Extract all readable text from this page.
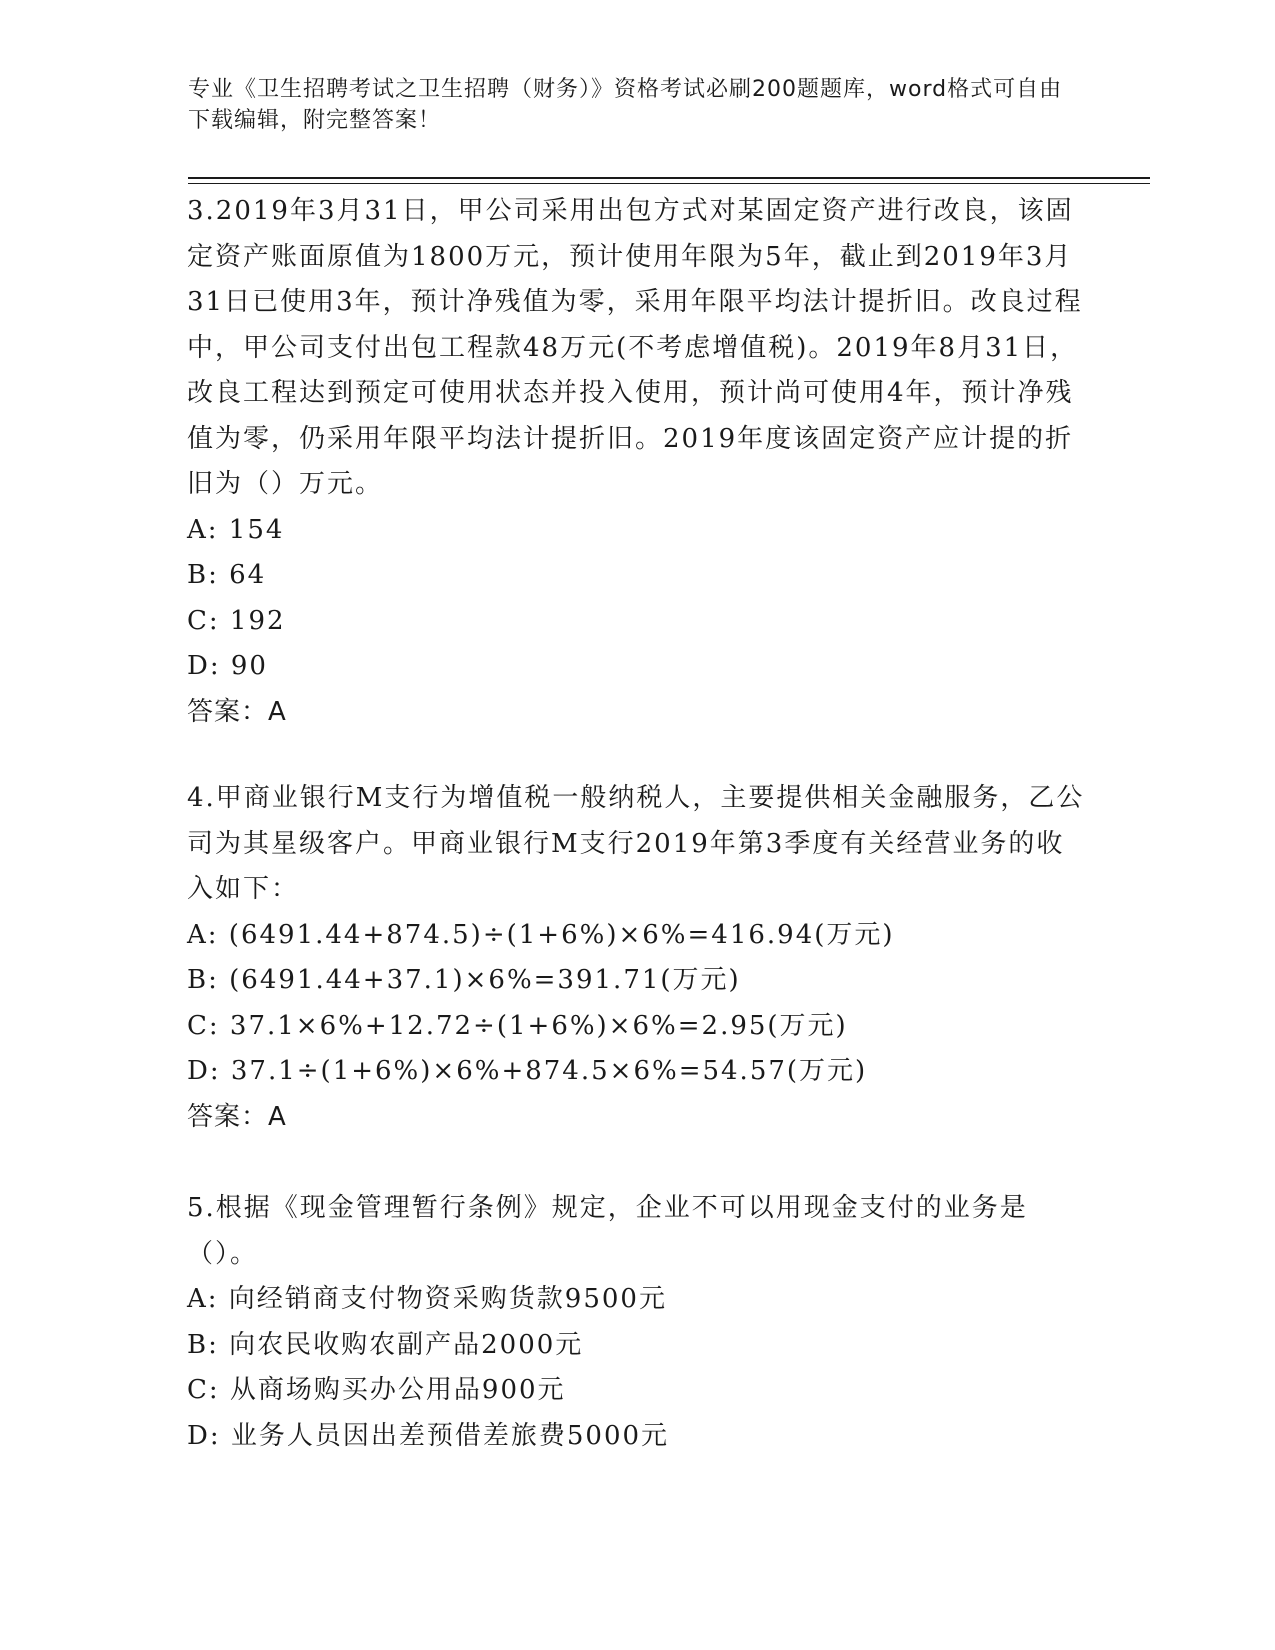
专业《卫生招聘考试之卫生招聘（财务）》资格考试必刷200题题库，word格式可自由下载编辑，附完整答案！

3.2019年3月31日，甲公司采用出包方式对某固定资产进行改良，该固定资产账面原值为1800万元，预计使用年限为5年，截止到2019年3月31日已使用3年，预计净残值为零，采用年限平均法计提折旧。改良过程中，甲公司支付出包工程款48万元(不考虑增值税)。2019年8月31日，改良工程达到预定可使用状态并投入使用，预计尚可使用4年，预计净残值为零，仍采用年限平均法计提折旧。2019年度该固定资产应计提的折旧为（）万元。

A: 154

B: 64

C: 192

D: 90

答案：A

4.甲商业银行M支行为增值税一般纳税人，主要提供相关金融服务，乙公司为其星级客户。甲商业银行M支行2019年第3季度有关经营业务的收入如下：

A: (6491.44+874.5)÷(1+6%)×6%=416.94(万元)

B: (6491.44+37.1)×6%=391.71(万元)

C: 37.1×6%+12.72÷(1+6%)×6%=2.95(万元)

D: 37.1÷(1+6%)×6%+874.5×6%=54.57(万元)

答案：A

5.根据《现金管理暂行条例》规定，企业不可以用现金支付的业务是（）。

A: 向经销商支付物资采购货款9500元

B: 向农民收购农副产品2000元

C: 从商场购买办公用品900元

D: 业务人员因出差预借差旅费5000元
